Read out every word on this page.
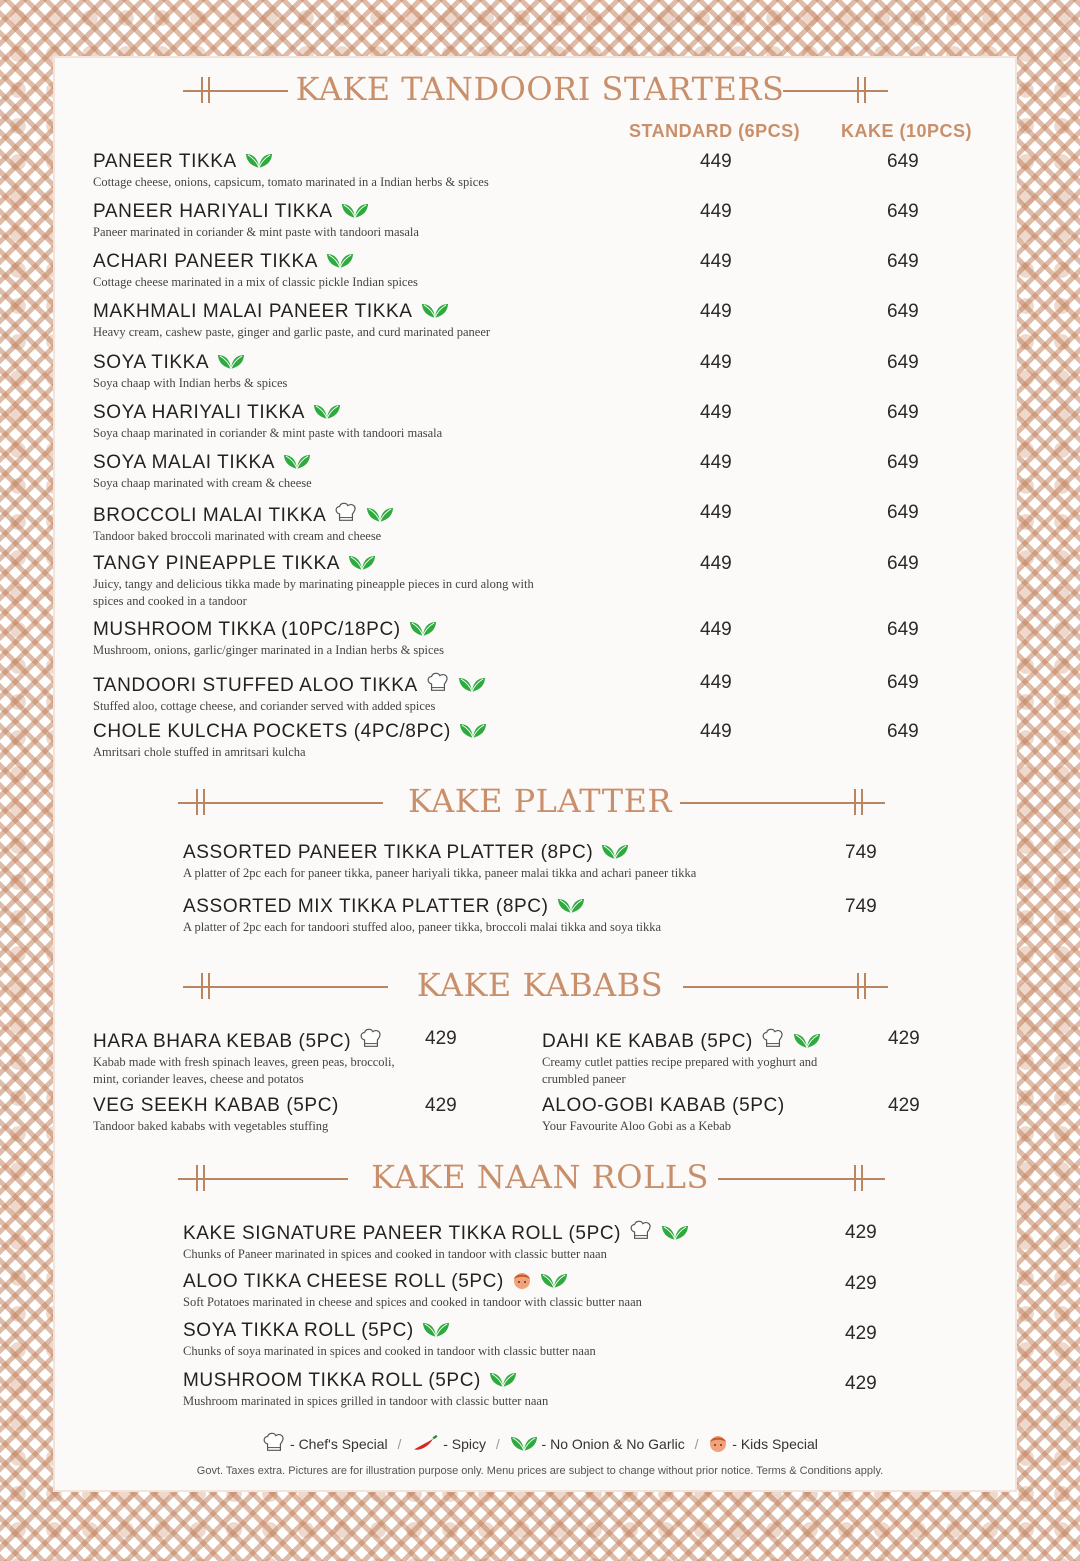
KAKE TANDOORI STARTERS
STANDARD (6PCS) KAKE (10PCS)
PANEER TIKKA
Cottage cheese, onions, capsicum, tomato marinated in a Indian herbs & spices
449	649
PANEER HARIYALI TIKKA
Paneer marinated in coriander & mint paste with tandoori masala
449	649
ACHARI PANEER TIKKA
Cottage cheese marinated in a mix of classic pickle Indian spices
449	649
MAKHMALI MALAI PANEER TIKKA
Heavy cream, cashew paste, ginger and garlic paste, and curd marinated paneer
449	649
SOYA TIKKA
Soya chaap with Indian herbs & spices
449	649
SOYA HARIYALI TIKKA
Soya chaap marinated in coriander & mint paste with tandoori masala
449	649
SOYA MALAI TIKKA
Soya chaap marinated with cream & cheese
449	649
BROCCOLI MALAI TIKKA
Tandoor baked broccoli marinated with cream and cheese
449	649
TANGY PINEAPPLE TIKKA
Juicy, tangy and delicious tikka made by marinating pineapple pieces in curd along with spices and cooked in a tandoor
449	649
MUSHROOM TIKKA (10PC/18PC)
Mushroom, onions, garlic/ginger marinated in a Indian herbs & spices
449	649
TANDOORI STUFFED ALOO TIKKA
Stuffed aloo, cottage cheese, and coriander served with added spices
449	649
CHOLE KULCHA POCKETS (4PC/8PC)
Amritsari chole stuffed in amritsari kulcha
449	649
KAKE PLATTER
ASSORTED PANEER TIKKA PLATTER (8PC)
A platter of 2pc each for paneer tikka, paneer hariyali tikka, paneer malai tikka and achari paneer tikka
749
ASSORTED MIX TIKKA PLATTER (8PC)
A platter of 2pc each for tandoori stuffed aloo, paneer tikka, broccoli malai tikka and soya tikka
749
KAKE KABABS
HARA BHARA KEBAB (5PC)
Kabab made with fresh spinach leaves, green peas, broccoli, mint, coriander leaves, cheese and potatos
429	DAHI KE KABAB (5PC)
Creamy cutlet patties recipe prepared with yoghurt and crumbled paneer
429
VEG SEEKH KABAB (5PC)
Tandoor baked kababs with vegetables stuffing
429	ALOO-GOBI KABAB (5PC)
Your Favourite Aloo Gobi as a Kebab
429
KAKE NAAN ROLLS
KAKE SIGNATURE PANEER TIKKA ROLL (5PC)
Chunks of Paneer marinated in spices and cooked in tandoor with classic butter naan
429
ALOO TIKKA CHEESE ROLL (5PC)
Soft Potatoes marinated in cheese and spices and cooked in tandoor with classic butter naan
429
SOYA TIKKA ROLL (5PC)
Chunks of soya marinated in spices and cooked in tandoor with classic butter naan
429
MUSHROOM TIKKA ROLL (5PC)
Mushroom marinated in spices grilled in tandoor with classic butter naan
429
- Chef's Special /	- Spicy /	- No Onion & No Garlic / - Kids Special
Govt. Taxes extra. Pictures are for illustration purpose only. Menu prices are subject to change without prior notice. Terms & Conditions apply.
